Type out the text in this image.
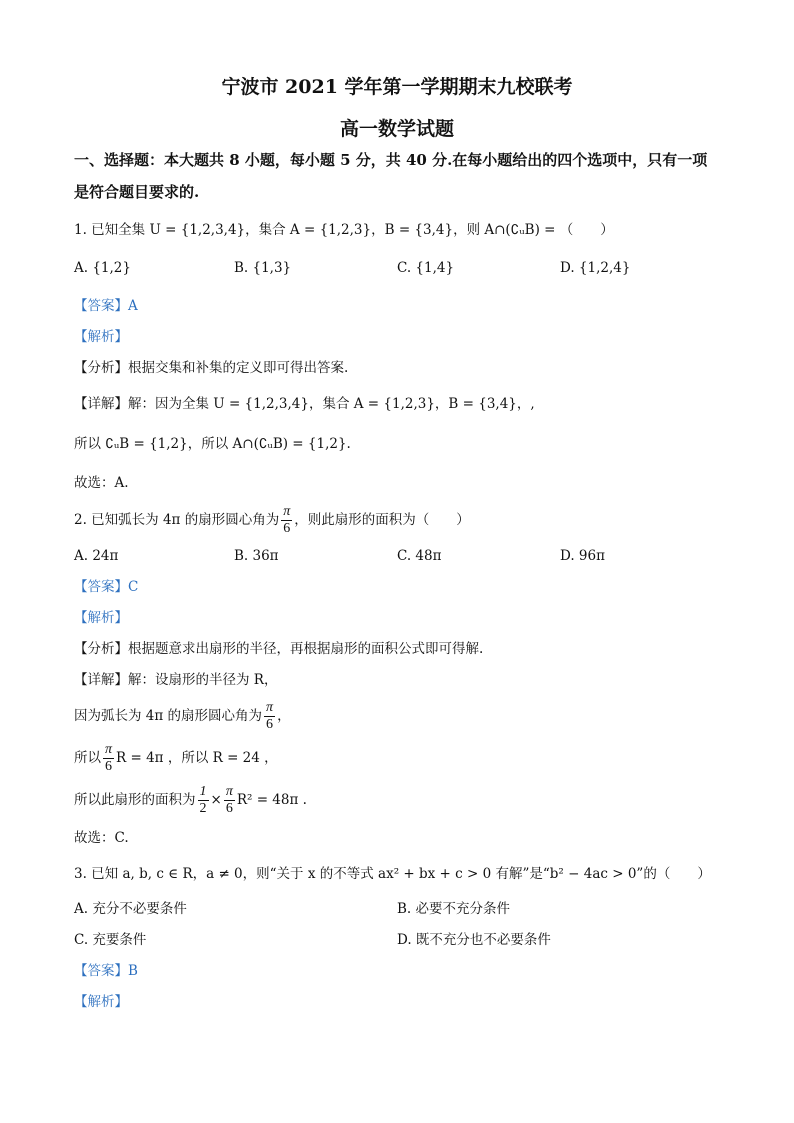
宁波市 2021 学年第一学期期末九校联考
高一数学试题
一、选择题：本大题共 8 小题，每小题 5 分，共 40 分.在每小题给出的四个选项中，只有一项
是符合题目要求的.
1. 已知全集 U = {1,2,3,4}，集合 A = {1,2,3}，B = {3,4}，则 A∩(∁ᵤB) = （　　）
A. {1,2}	B. {1,3}	C. {1,4}	D. {1,2,4}
【答案】A
【解析】
【分析】根据交集和补集的定义即可得出答案.
【详解】解：因为全集 U = {1,2,3,4}，集合 A = {1,2,3}，B = {3,4}，,
所以 ∁ᵤB = {1,2}，所以 A∩(∁ᵤB) = {1,2}.
故选：A.
2. 已知弧长为 4π 的扇形圆心角为 $\frac{\pi}{6}$ ，则此扇形的面积为（　　）
A. 24π	B. 36π	C. 48π	D. 96π
【答案】C
【解析】
【分析】根据题意求出扇形的半径，再根据扇形的面积公式即可得解.
【详解】解：设扇形的半径为 R，
因为弧长为 4π 的扇形圆心角为 $\frac{\pi}{6}$ ，
所以 $\frac{\pi}{6}$ R = 4π ，所以 R = 24 ，
所以此扇形的面积为 $\frac{1}{2} \times \frac{\pi}{6} R^2 = 48\pi$ .
故选：C.
3. 已知 a, b, c ∈ R，a ≠ 0，则“关于 x 的不等式 ax² + bx + c > 0 有解”是“b² − 4ac > 0”的（　　）
A. 充分不必要条件	B. 必要不充分条件
C. 充要条件	D. 既不充分也不必要条件
【答案】B
【解析】
